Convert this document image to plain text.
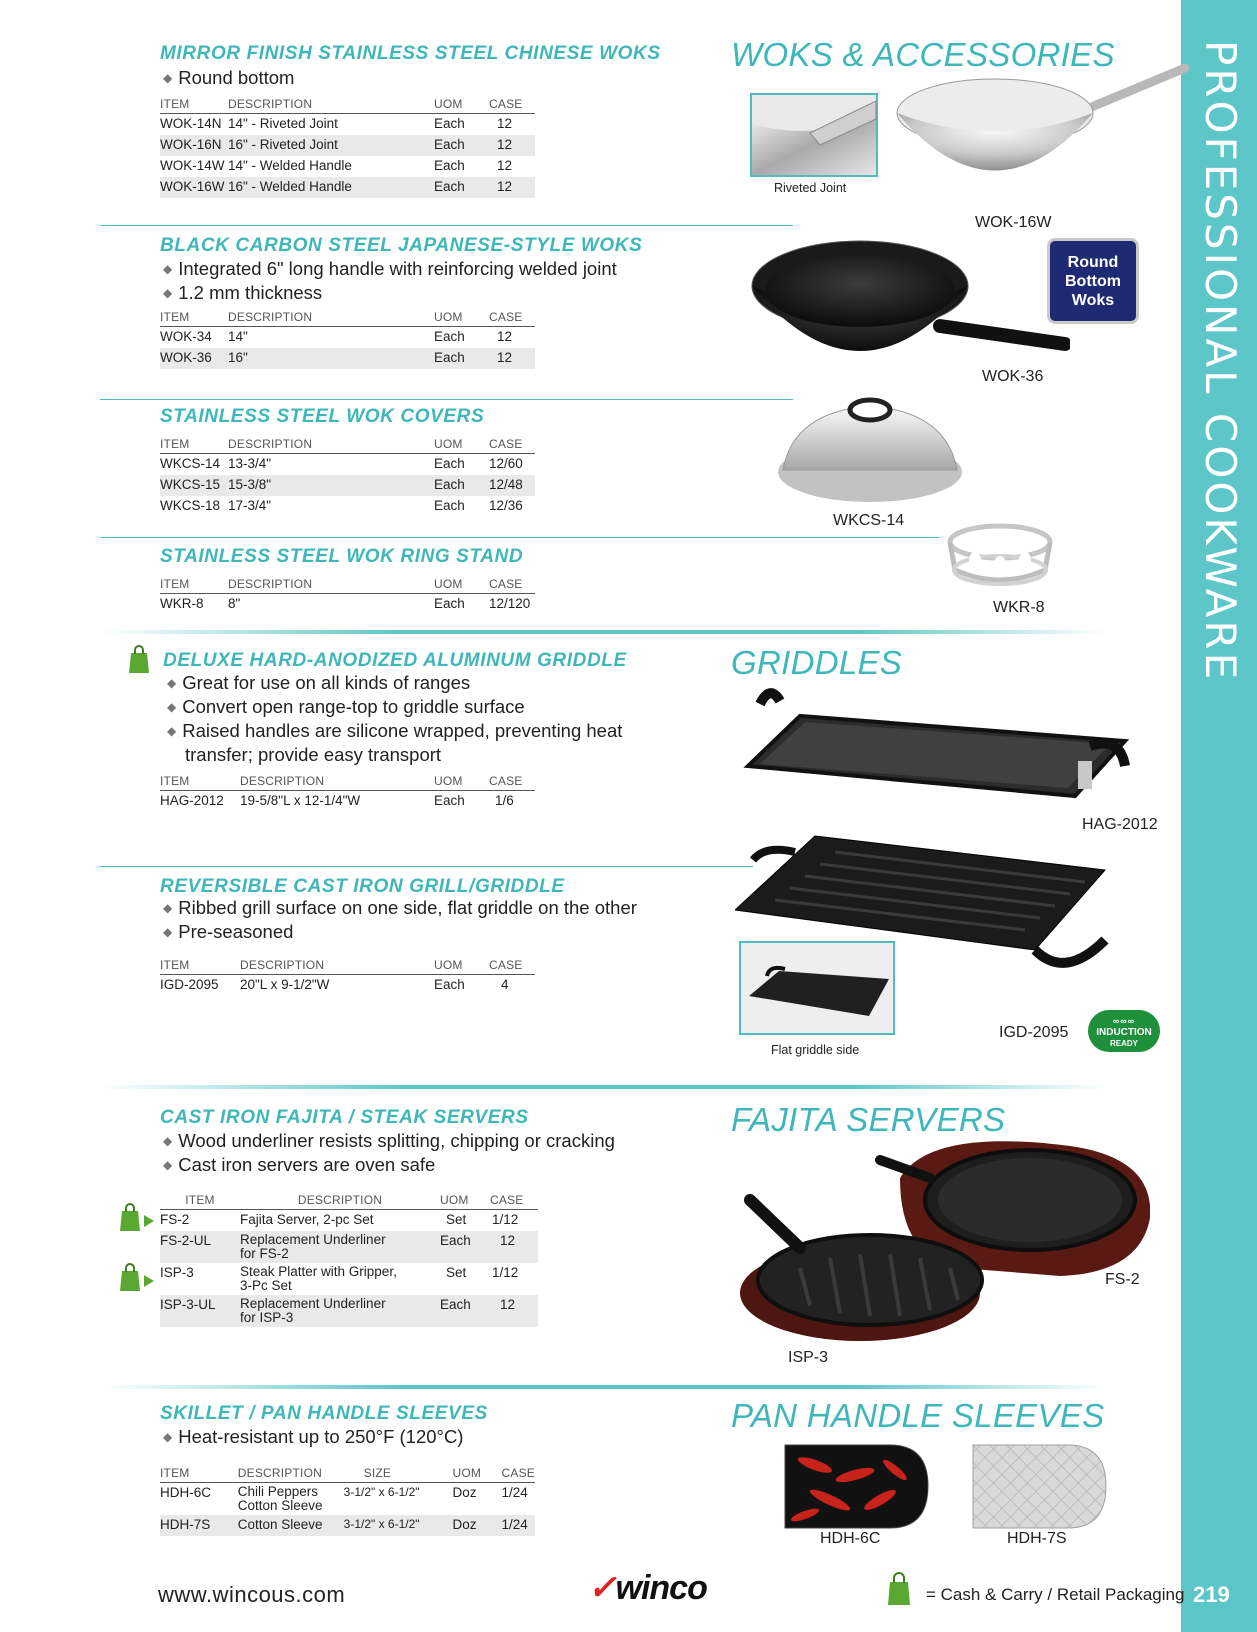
PROFESSIONAL COOKWARE
219
WOKS & ACCESSORIES
GRIDDLES
FAJITA SERVERS
PAN HANDLE SLEEVES
MIRROR FINISH STAINLESS STEEL CHINESE WOKS
◆ Round bottom
ITEM	DESCRIPTION	UOM	CASE
WOK-14N	14" - Riveted Joint	Each	12
WOK-16N	16" - Riveted Joint	Each	12
WOK-14W	14" - Welded Handle	Each	12
WOK-16W	16" - Welded Handle	Each	12
BLACK CARBON STEEL JAPANESE-STYLE WOKS
◆ Integrated 6" long handle with reinforcing welded joint
◆ 1.2 mm thickness
ITEM	DESCRIPTION	UOM	CASE
WOK-34	14"	Each	12
WOK-36	16"	Each	12
STAINLESS STEEL WOK COVERS
ITEM	DESCRIPTION	UOM	CASE
WKCS-14	13-3/4"	Each	12/60
WKCS-15	15-3/8"	Each	12/48
WKCS-18	17-3/4"	Each	12/36
STAINLESS STEEL WOK RING STAND
ITEM	DESCRIPTION	UOM	CASE
WKR-8	8"	Each	12/120
DELUXE HARD-ANODIZED ALUMINUM GRIDDLE
◆ Great for use on all kinds of ranges
◆ Convert open range-top to griddle surface
◆ Raised handles are silicone wrapped, preventing heat
transfer; provide easy transport
ITEM	DESCRIPTION	UOM	CASE
HAG-2012	19-5/8"L x 12-1/4"W	Each	1/6
REVERSIBLE CAST IRON GRILL/GRIDDLE
◆ Ribbed grill surface on one side, flat griddle on the other
◆ Pre-seasoned
ITEM	DESCRIPTION	UOM	CASE
IGD-2095	20"L x 9-1/2"W	Each	4
CAST IRON FAJITA / STEAK SERVERS
◆ Wood underliner resists splitting, chipping or cracking
◆ Cast iron servers are oven safe
ITEM	DESCRIPTION	UOM	CASE
FS-2	Fajita Server, 2-pc Set	Set	1/12
FS-2-UL	Replacement Underliner
for FS-2	Each	12
ISP-3	Steak Platter with Gripper,
3-Pc Set	Set	1/12
ISP-3-UL	Replacement Underliner
for ISP-3	Each	12
SKILLET / PAN HANDLE SLEEVES
◆ Heat-resistant up to 250°F (120°C)
ITEM	DESCRIPTION	SIZE	UOM	CASE
HDH-6C	Chili Peppers
Cotton Sleeve	3-1/2" x 6-1/2"	Doz	1/24
HDH-7S	Cotton Sleeve	3-1/2" x 6-1/2"	Doz	1/24
Riveted Joint
WOK-16W
Round
Bottom
Woks
WOK-36
WKCS-14
WKR-8
HAG-2012
Flat griddle side
IGD-2095
∞∞∞
INDUCTION
READY
FS-2
ISP-3
HDH-6C	HDH-7S
www.wincous.com	✓winco	= Cash & Carry / Retail Packaging
